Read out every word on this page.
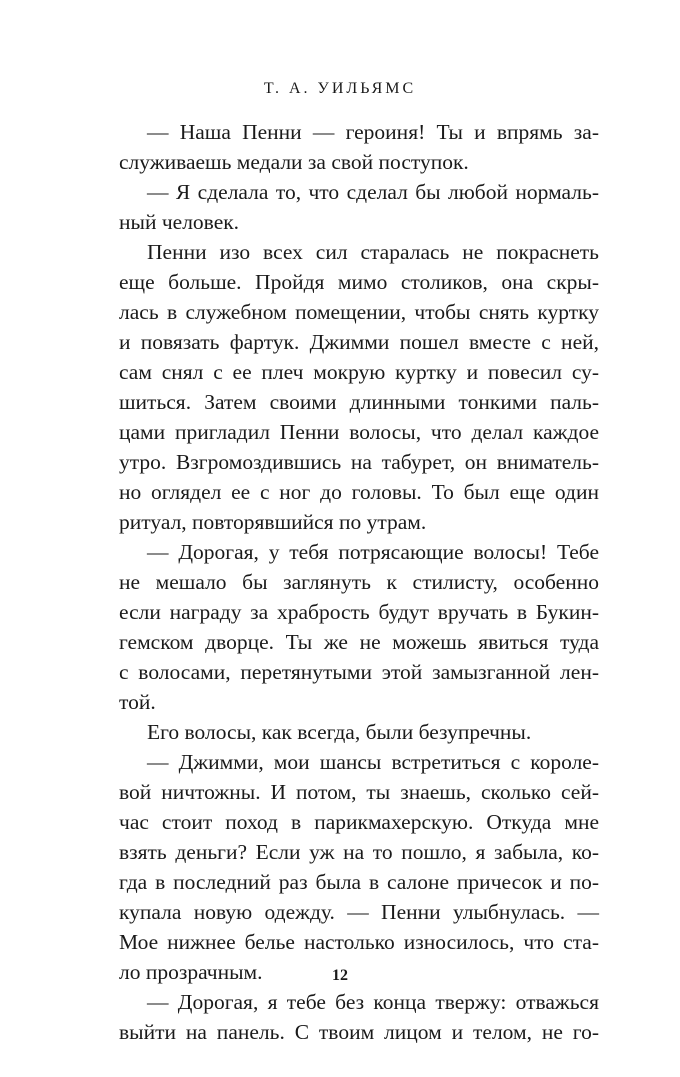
Т. А. УИЛЬЯМС
— Наша Пенни — героиня! Ты и впрямь за-
служиваешь медали за свой поступок.
— Я сделала то, что сделал бы любой нормаль-
ный человек.
Пенни изо всех сил старалась не покраснеть
еще больше. Пройдя мимо столиков, она скры-
лась в служебном помещении, чтобы снять куртку
и повязать фартук. Джимми пошел вместе с ней,
сам снял с ее плеч мокрую куртку и повесил су-
шиться. Затем своими длинными тонкими паль-
цами пригладил Пенни волосы, что делал каждое
утро. Взгромоздившись на табурет, он вниматель-
но оглядел ее с ног до головы. То был еще один
ритуал, повторявшийся по утрам.
— Дорогая, у тебя потрясающие волосы! Тебе
не мешало бы заглянуть к стилисту, особенно
если награду за храбрость будут вручать в Букин-
гемском дворце. Ты же не можешь явиться туда
с волосами, перетянутыми этой замызганной лен-
той.
Его волосы, как всегда, были безупречны.
— Джимми, мои шансы встретиться с королe-
вой ничтожны. И потом, ты знаешь, сколько сей-
час стоит поход в парикмахерскую. Откуда мне
взять деньги? Если уж на то пошло, я забыла, ко-
гда в последний раз была в салоне причесок и по-
купала новую одежду. — Пенни улыбнулась. —
Мое нижнее белье настолько износилось, что ста-
ло прозрачным.
— Дорогая, я тебе без конца твержу: отважься
выйти на панель. С твоим лицом и телом, не го-
12
